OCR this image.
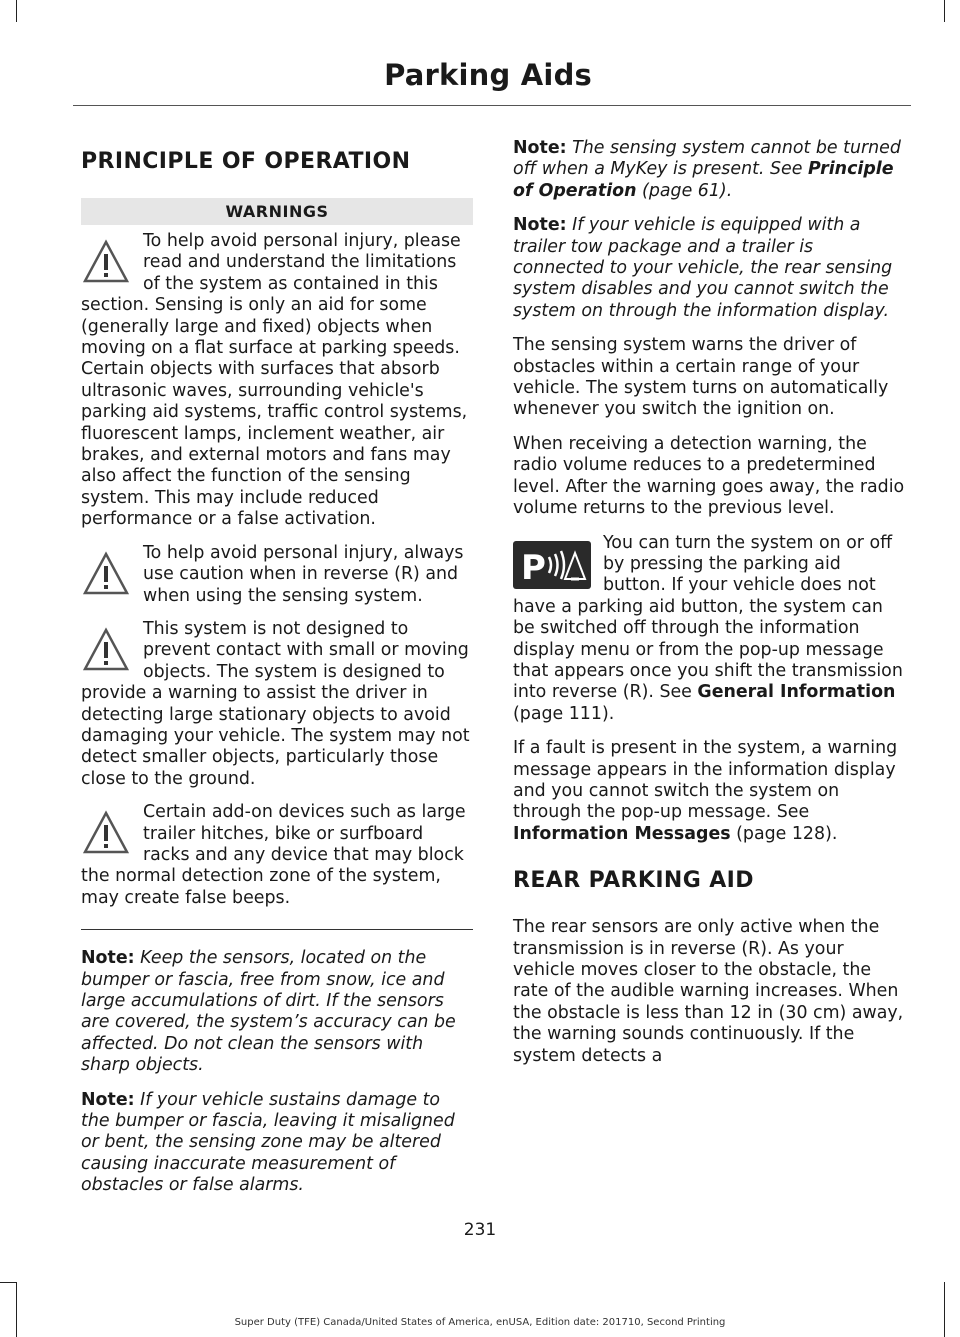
Parking Aids
PRINCIPLE OF OPERATION
WARNINGS
To help avoid personal injury, please read and understand the limitations of the system as contained in this section. Sensing is only an aid for some (generally large and fixed) objects when moving on a flat surface at parking speeds. Certain objects with surfaces that absorb ultrasonic waves, surrounding vehicle's parking aid systems, traffic control systems, fluorescent lamps, inclement weather, air brakes, and external motors and fans may also affect the function of the sensing system. This may include reduced performance or a false activation.
To help avoid personal injury, always use caution when in reverse (R) and when using the sensing system.
This system is not designed to prevent contact with small or moving objects. The system is designed to provide a warning to assist the driver in detecting large stationary objects to avoid damaging your vehicle. The system may not detect smaller objects, particularly those close to the ground.
Certain add-on devices such as large trailer hitches, bike or surfboard racks and any device that may block the normal detection zone of the system, may create false beeps.

Note: Keep the sensors, located on the bumper or fascia, free from snow, ice and large accumulations of dirt. If the sensors are covered, the system’s accuracy can be affected. Do not clean the sensors with sharp objects.

Note: If your vehicle sustains damage to the bumper or fascia, leaving it misaligned or bent, the sensing zone may be altered causing inaccurate measurement of obstacles or false alarms.

Note: The sensing system cannot be turned off when a MyKey is present. See Principle of Operation (page 61).

Note: If your vehicle is equipped with a trailer tow package and a trailer is connected to your vehicle, the rear sensing system disables and you cannot switch the system on through the information display.

The sensing system warns the driver of obstacles within a certain range of your vehicle. The system turns on automatically whenever you switch the ignition on.

When receiving a detection warning, the radio volume reduces to a predetermined level. After the warning goes away, the radio volume returns to the previous level.

P
You can turn the system on or off by pressing the parking aid button. If your vehicle does not have a parking aid button, the system can be switched off through the information display menu or from the pop-up message that appears once you shift the transmission into reverse (R). See General Information (page 111).

If a fault is present in the system, a warning message appears in the information display and you cannot switch the system on through the pop-up message. See Information Messages (page 128).

REAR PARKING AID

The rear sensors are only active when the transmission is in reverse (R). As your vehicle moves closer to the obstacle, the rate of the audible warning increases. When the obstacle is less than 12 in (30 cm) away, the warning sounds continuously. If the system detects a

231
Super Duty (TFE) Canada/United States of America, enUSA, Edition date: 201710, Second Printing
